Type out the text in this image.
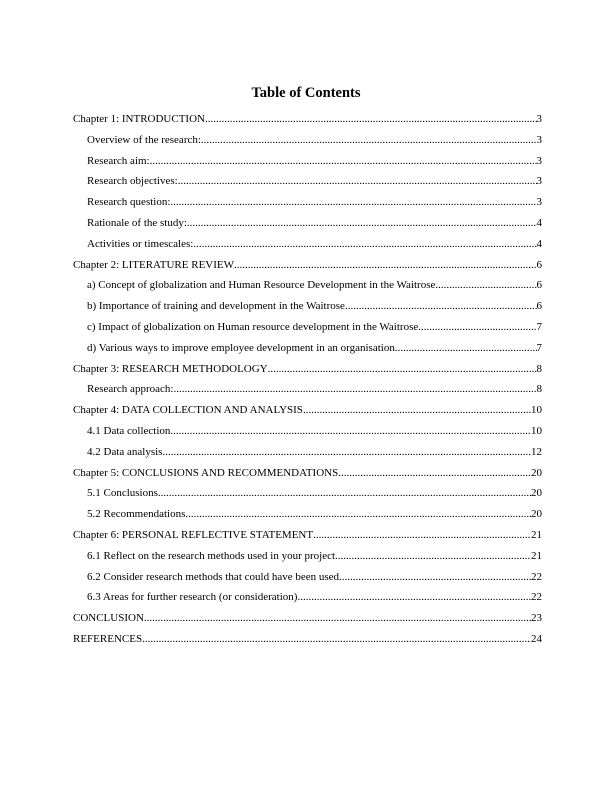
Table of Contents
Chapter 1: INTRODUCTION .....	3
Overview of the research: .....	3
Research aim: .....	3
Research objectives: .....	3
Research question: .....	3
Rationale of the study: .....	4
Activities or timescales: .....	4
Chapter 2: LITERATURE REVIEW .....	6
a) Concept of globalization and Human Resource Development in the Waitrose .....	6
b) Importance of training and development in the Waitrose .....	6
c) Impact of globalization on Human resource development in the Waitrose .....	7
d) Various ways to improve employee development in an organisation .....	7
Chapter 3: RESEARCH METHODOLOGY .....	8
Research approach: .....	8
Chapter 4: DATA COLLECTION AND ANALYSIS .....	10
4.1 Data collection .....	10
4.2 Data analysis .....	12
Chapter 5: CONCLUSIONS AND RECOMMENDATIONS .....	20
5.1 Conclusions .....	20
5.2 Recommendations .....	20
Chapter 6: PERSONAL REFLECTIVE STATEMENT .....	21
6.1 Reflect on the research methods used in your project .....	21
6.2 Consider research methods that could have been used .....	22
6.3 Areas for further research (or consideration) .....	22
CONCLUSION .....	23
REFERENCES .....	24
